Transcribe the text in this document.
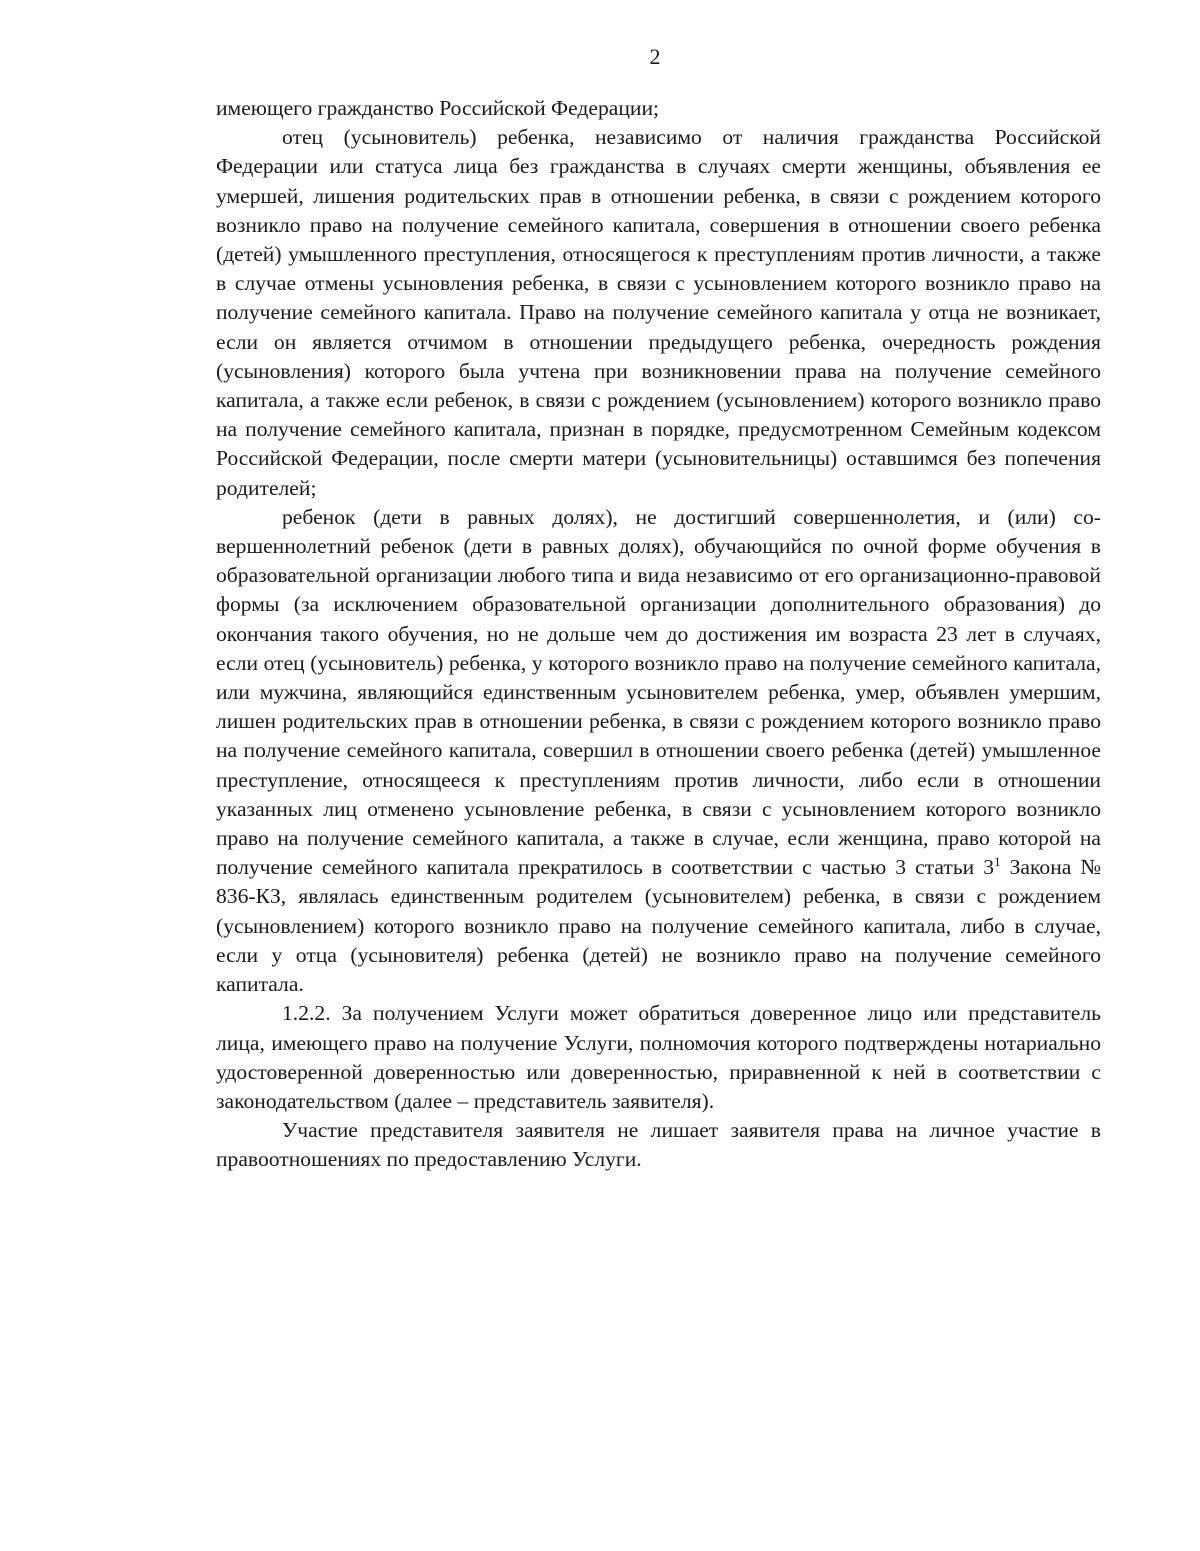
2

имеющего гражданство Российской Федерации;

отец (усыновитель) ребенка, независимо от наличия гражданства Российской Федерации или статуса лица без гражданства в случаях смерти женщины, объявления ее умершей, лишения родительских прав в отношении ребенка, в связи с рождением которого возникло право на получение семейного капитала, совершения в отношении своего ребенка (детей) умышленного преступления, относящегося к преступлениям против личности, а также в случае отмены усыновления ребенка, в связи с усыновлением которого возникло право на получение семейного капитала. Право на получение семейного капитала у отца не возникает, если он является отчимом в отношении предыдущего ребенка, очередность рождения (усыновления) которого была учтена при возникновении права на получение семейного капитала, а также если ребенок, в связи с рождением (усыновлением) которого возникло право на получение семейного капитала, признан в порядке, предусмотренном Семейным кодексом Российской Федерации, после смерти матери (усыновительницы) оставшимся без попечения родителей;

ребенок (дети в равных долях), не достигший совершеннолетия, и (или) совершеннолетний ребенок (дети в равных долях), обучающийся по очной форме обучения в образовательной организации любого типа и вида независимо от его организационно-правовой формы (за исключением образовательной организации дополнительного образования) до окончания такого обучения, но не дольше чем до достижения им возраста 23 лет в случаях, если отец (усыновитель) ребенка, у которого возникло право на получение семейного капитала, или мужчина, являющийся единственным усыновителем ребенка, умер, объявлен умершим, лишен родительских прав в отношении ребенка, в связи с рождением которого возникло право на получение семейного капитала, совершил в отношении своего ребенка (детей) умышленное преступление, относящееся к преступлениям против личности, либо если в отношении указанных лиц отменено усыновление ребенка, в связи с усыновлением которого возникло право на получение семейного капитала, а также в случае, если женщина, право которой на получение семейного капитала прекратилось в соответствии с частью 3 статьи $3^1$ Закона № 836-КЗ, являлась единственным родителем (усыновителем) ребенка, в связи с рождением (усыновлением) которого возникло право на получение семейного капитала, либо в случае, если у отца (усыновителя) ребенка (детей) не возникло право на получение семейного капитала.

1.2.2. За получением Услуги может обратиться доверенное лицо или представитель лица, имеющего право на получение Услуги, полномочия которого подтверждены нотариально удостоверенной доверенностью или доверенностью, приравненной к ней в соответствии с законодательством (далее – представитель заявителя).

Участие представителя заявителя не лишает заявителя права на личное участие в правоотношениях по предоставлению Услуги.
